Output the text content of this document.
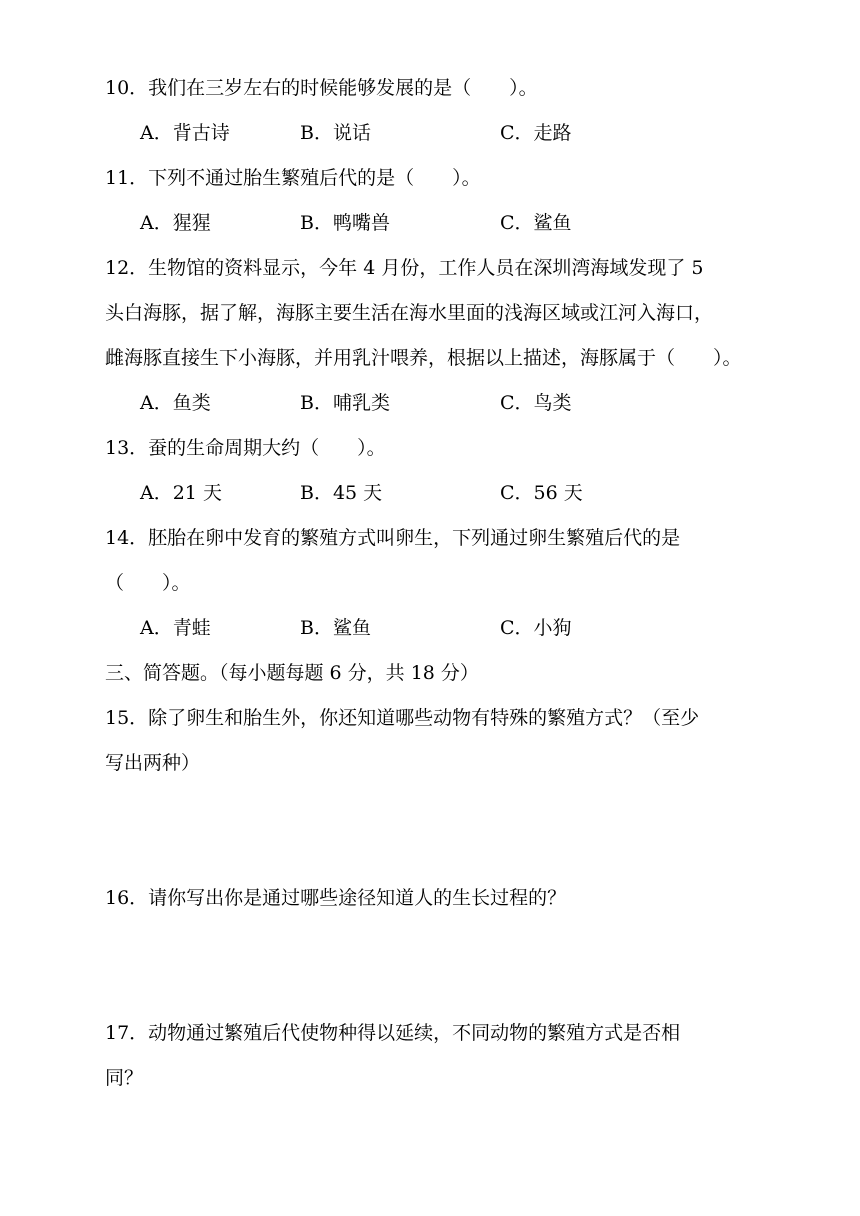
10．我们在三岁左右的时候能够发展的是（　　）。
A．背古诗	B．说话	C．走路
11．下列不通过胎生繁殖后代的是（　　）。
A．猩猩	B．鸭嘴兽	C．鲨鱼
12．生物馆的资料显示，今年 4 月份，工作人员在深圳湾海域发现了 5
头白海豚，据了解，海豚主要生活在海水里面的浅海区域或江河入海口，
雌海豚直接生下小海豚，并用乳汁喂养，根据以上描述，海豚属于（　　）。
A．鱼类	B．哺乳类	C．鸟类
13．蚕的生命周期大约（　　）。
A．21 天	B．45 天	C．56 天
14．胚胎在卵中发育的繁殖方式叫卵生，下列通过卵生繁殖后代的是
（　　）。
A．青蛙	B．鲨鱼	C．小狗
三、简答题。（每小题每题 6 分，共 18 分）
15．除了卵生和胎生外，你还知道哪些动物有特殊的繁殖方式？（至少
写出两种）
16．请你写出你是通过哪些途径知道人的生长过程的？
17．动物通过繁殖后代使物种得以延续，不同动物的繁殖方式是否相
同？
